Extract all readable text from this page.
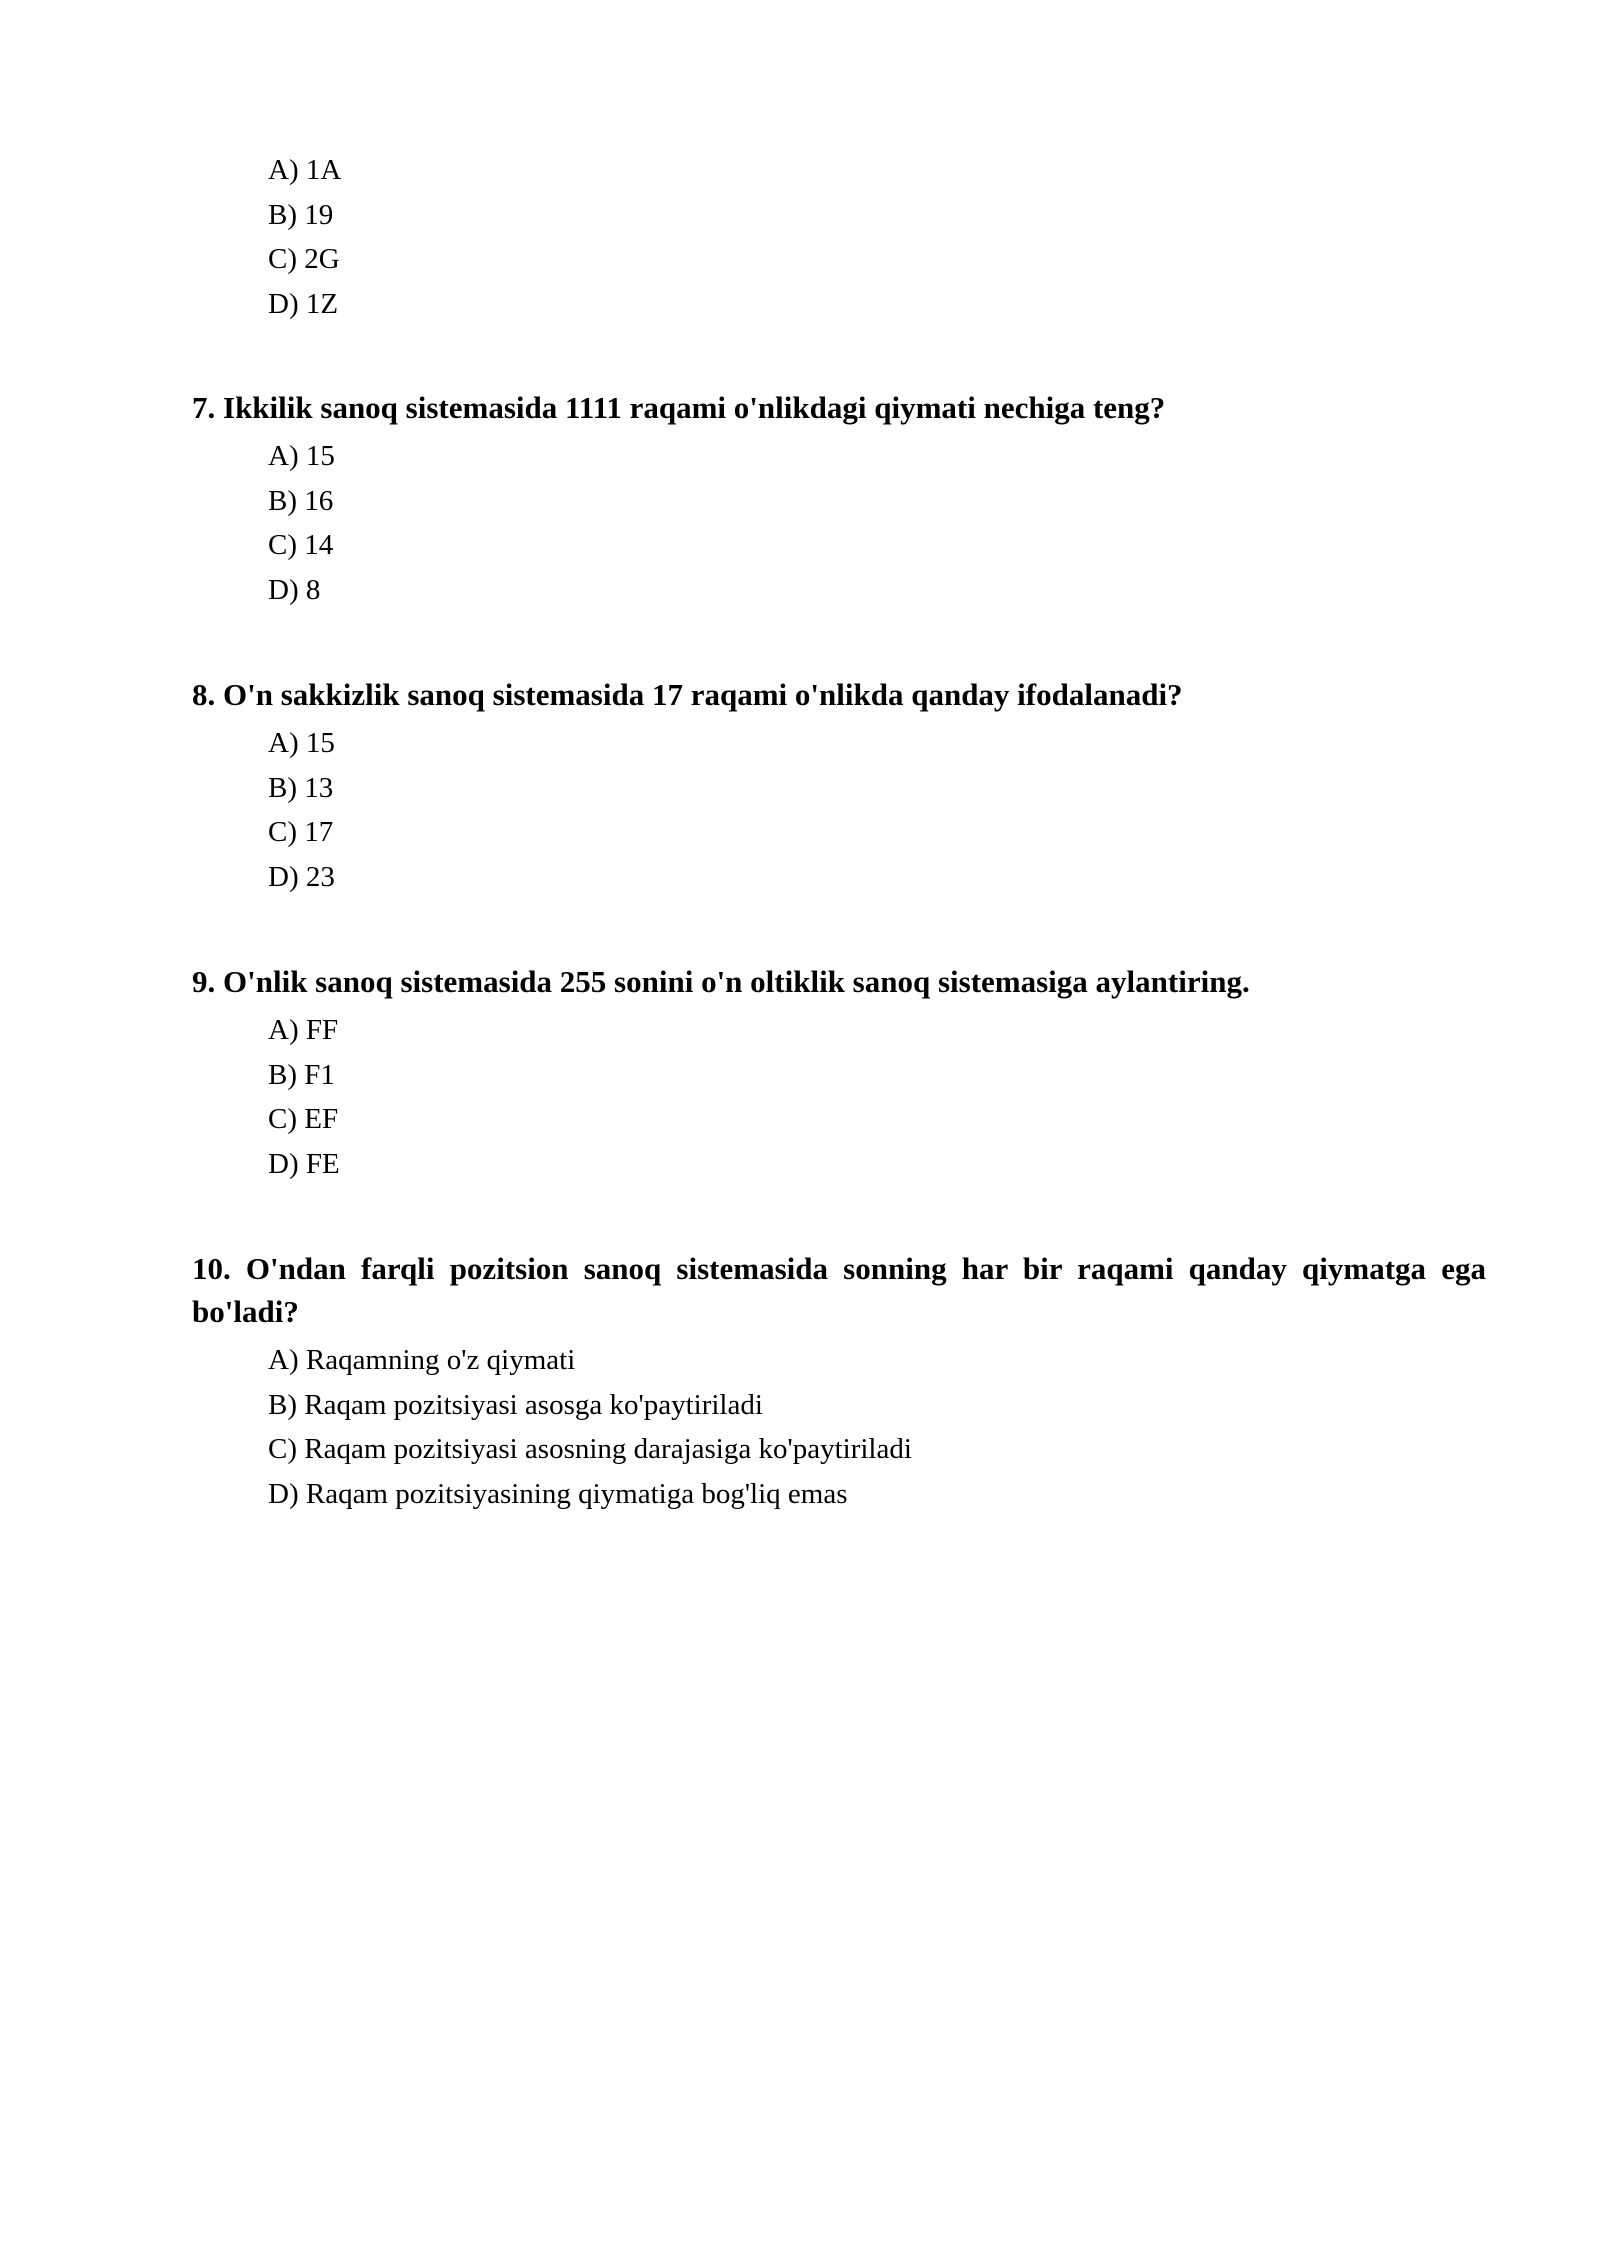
A) 1A
B) 19
C) 2G
D) 1Z
7. Ikkilik sanoq sistemasida 1111 raqami o'nlikdagi qiymati nechiga teng?
A) 15
B) 16
C) 14
D) 8
8. O'n sakkizlik sanoq sistemasida 17 raqami o'nlikda qanday ifodalanadi?
A) 15
B) 13
C) 17
D) 23
9. O'nlik sanoq sistemasida 255 sonini o'n oltiklik sanoq sistemasiga aylantiring.
A) FF
B) F1
C) EF
D) FE
10. O'ndan farqli pozitsion sanoq sistemasida sonning har bir raqami qanday qiymatga ega bo'ladi?
A) Raqamning o'z qiymati
B) Raqam pozitsiyasi asosga ko'paytiriladi
C) Raqam pozitsiyasi asosning darajasiga ko'paytiriladi
D) Raqam pozitsiyasining qiymatiga bog'liq emas
